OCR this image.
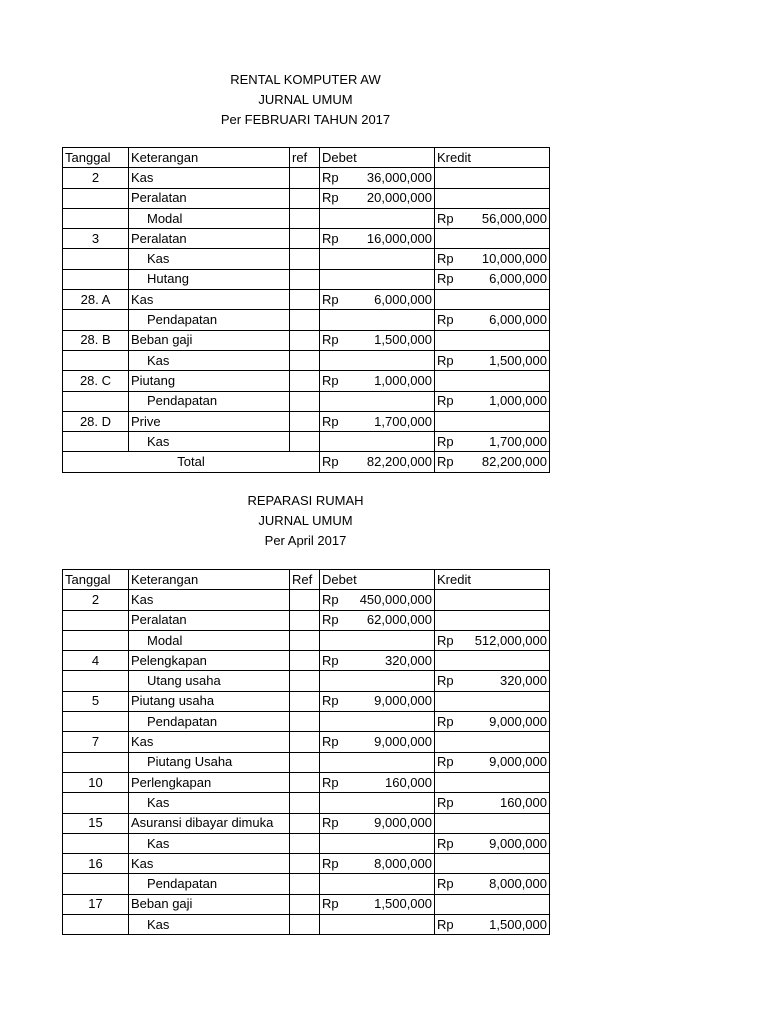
RENTAL KOMPUTER AW
JURNAL UMUM
Per FEBRUARI TAHUN 2017
Tanggal	Keterangan	ref	Debet	Kredit
2	Kas		Rp 36,000,000	

	Peralatan		Rp 20,000,000	

	Modal			Rp 56,000,000

3	Peralatan		Rp 16,000,000	

	Kas			Rp 10,000,000

	Hutang			Rp 6,000,000

28. A	Kas		Rp 6,000,000	

	Pendapatan			Rp 6,000,000

28. B	Beban gaji		Rp 1,500,000	

	Kas			Rp 1,500,000

28. C	Piutang		Rp 1,000,000	

	Pendapatan			Rp 1,000,000

28. D	Prive		Rp 1,700,000	

	Kas			Rp 1,700,000

Total			Rp 82,200,000	Rp 82,200,000
REPARASI RUMAH
JURNAL UMUM
Per April 2017
Tanggal	Keterangan	Ref	Debet	Kredit
2	Kas		Rp 450,000,000	

	Peralatan		Rp 62,000,000	

	Modal			Rp 512,000,000

4	Pelengkapan		Rp 320,000	

	Utang usaha			Rp 320,000

5	Piutang usaha		Rp 9,000,000	

	Pendapatan			Rp 9,000,000

7	Kas		Rp 9,000,000	

	Piutang Usaha			Rp 9,000,000

10	Perlengkapan		Rp 160,000	

	Kas			Rp 160,000

15	Asuransi dibayar dimuka		Rp 9,000,000	

	Kas			Rp 9,000,000

16	Kas		Rp 8,000,000	

	Pendapatan			Rp 8,000,000

17	Beban gaji		Rp 1,500,000	

	Kas			Rp 1,500,000
